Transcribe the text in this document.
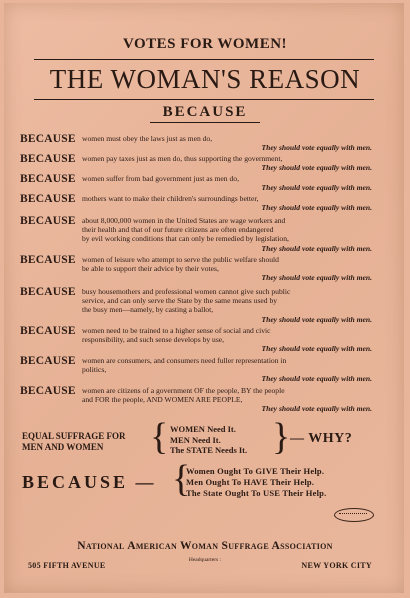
VOTES FOR WOMEN!
THE WOMAN'S REASON
BECAUSE
BECAUSE women must obey the laws just as men do,
They should vote equally with men.
BECAUSE women pay taxes just as men do, thus supporting the government,
They should vote equally with men.
BECAUSE women suffer from bad government just as men do,
They should vote equally with men.
BECAUSE mothers want to make their children's surroundings better,
They should vote equally with men.
BECAUSE about 8,000,000 women in the United States are wage workers and
their health and that of our future citizens are often endangered
by evil working conditions that can only be remedied by legislation,
They should vote equally with men.
BECAUSE women of leisure who attempt to serve the public welfare should
be able to support their advice by their votes,
They should vote equally with men.
BECAUSE busy housemothers and professional women cannot give such public
service, and can only serve the State by the same means used by
the busy men—namely, by casting a ballot,
They should vote equally with men.
BECAUSE women need to be trained to a higher sense of social and civic
responsibility, and such sense develops by use,
They should vote equally with men.
BECAUSE women are consumers, and consumers need fuller representation in
politics,
They should vote equally with men.
BECAUSE women are citizens of a government OF the people, BY the people
and FOR the people, AND WOMEN ARE PEOPLE,
They should vote equally with men.
EQUAL SUFFRAGE FOR
MEN AND WOMEN	{ WOMEN Need It.
MEN Need It.
The STATE Needs It. } — WHY?
BECAUSE — {
Women Ought To GIVE Their Help.
Men Ought To HAVE Their Help.
The State Ought To USE Their Help.
National American Woman Suffrage Association
Headquarters :
505 FIFTH AVENUE	NEW YORK CITY
